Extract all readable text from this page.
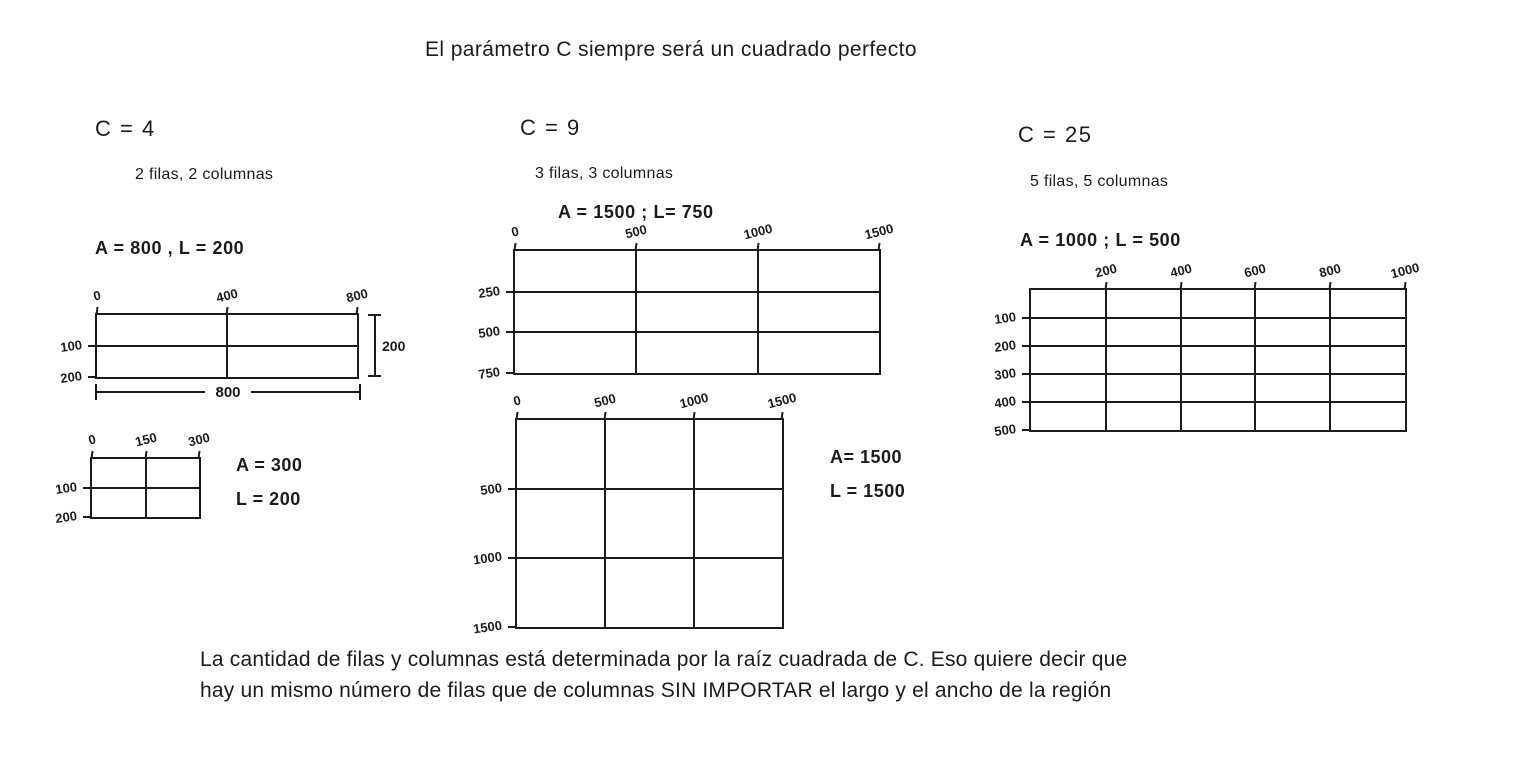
El parámetro C siempre será un cuadrado perfecto
C = 4
2 filas, 2 columnas
A = 800 , L = 200
0	400	800
100
200
200
800
0	150 300
100
200
A = 300
L = 200
C = 9
3 filas, 3 columnas
A = 1500 ; L= 750
0	500	1000	1500
250
500
750
0	500	1000	1500
500
1000
1500
A= 1500
L = 1500
C = 25
5 filas, 5 columnas
A = 1000 ; L = 500
200	400	600	800	1000
100
200
300
400
500
La cantidad de filas y columnas está determinada por la raíz cuadrada de C. Eso quiere decir que
hay un mismo número de filas que de columnas SIN IMPORTAR el largo y el ancho de la región
